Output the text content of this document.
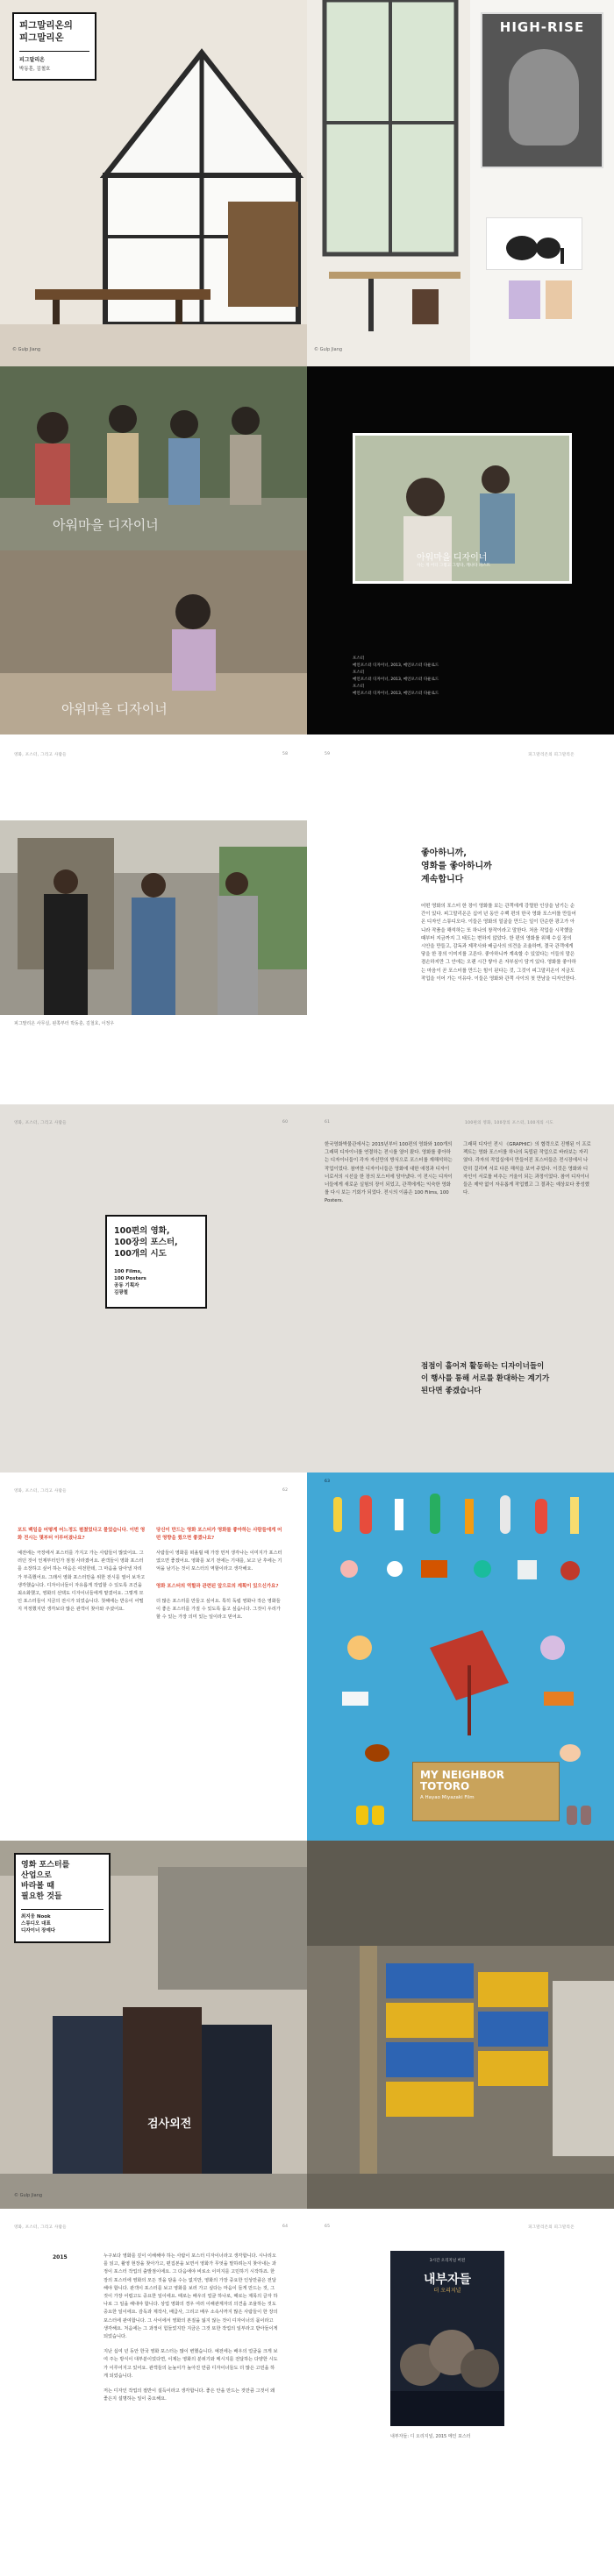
피그말리온의
피그말리온
피그말리온
박동훈, 김철호
© Gulp Jiang
HIGH-RISE
© Gulp Jiang
아워마을 디자이너
아워마을 디자이너
아워마을 디자이너
사는 게 어디 그렇고 그렇다, 캐나다 파스트
포스터
메인포스터 디자이너, 2013, 메인포스터 다운로드
포스터
메인포스터 디자이너, 2013, 메인포스터 다운로드
포스터
메인포스터 디자이너, 2013, 메인포스터 다운로드
영화, 포스터, 그리고 사람들	58
피그말리온 사무실, 왼쪽부터 박동훈, 김철호, 이정우
59	피그말리온의 피그말리온
좋아하니까,
영화를 좋아하니까
계속합니다
어떤 영화의 포스터 한 장이 영화를 보는 관객에게 강렬한 인상을 남기는 순간이 있다. 피그말리온은 십여 년 동안 수백 편의 한국 영화 포스터를 만들어 온 디자인 스튜디오다. 이들은 영화의 얼굴을 만드는 일이 단순한 광고가 아니라 작품을 해석하는 또 하나의 창작이라고 말한다. 처음 작업을 시작했을 때부터 지금까지 그 태도는 변하지 않았다. 한 편의 영화를 위해 수십 장의 시안을 만들고, 감독과 제작사와 배급사의 의견을 조율하며, 결국 관객에게 닿을 한 장의 이미지를 고른다. 좋아하니까 계속할 수 있었다는 이들의 말은 겸손하지만 그 안에는 오랜 시간 쌓아 온 자부심이 담겨 있다. 영화를 좋아하는 마음이 곧 포스터를 만드는 힘이 된다는 것, 그것이 피그말리온이 지금도 작업을 이어 가는 이유다. 이들은 영화와 관객 사이의 첫 만남을 디자인한다.
영화, 포스터, 그리고 사람들	60
100편의 영화,
100장의 포스터,
100개의 시도
100 Films,
100 Posters
공동 기획자
김광철
61	100편의 영화, 100장의 포스터, 100개의 시도
한국영화박물관에서는 2015년부터 100편의 영화와 100개의 그래픽 디자이너를 연결하는 전시를 열어 왔다. 영화를 좋아하는 디자이너들이 각자 자신만의 방식으로 포스터를 재해석하는 작업이었다. 참여한 디자이너들은 영화에 대한 애정과 디자이너로서의 시선을 한 장의 포스터에 담아냈다. 이 전시는 디자이너들에게 새로운 실험의 장이 되었고, 관객에게는 익숙한 영화를 다시 보는 기회가 되었다. 전시의 이름은 100 Films, 100 Posters.
그래픽 디자인 전시 《GRAPHIC》의 협력으로 진행된 이 프로젝트는 영화 포스터를 하나의 독립된 작업으로 바라보는 자리였다. 각자의 작업실에서 만들어진 포스터들은 전시장에서 나란히 걸리며 서로 다른 해석을 보여 주었다. 이것은 영화와 디자인이 서로를 비추는 거울이 되는 과정이었다. 참여 디자이너들은 제약 없이 자유롭게 작업했고 그 결과는 예상보다 풍성했다.
점점이 흩어져 활동하는 디자이너들이
이 행사를 통해 서로를 환대하는 계기가
된다면 좋겠습니다
영화, 포스터, 그리고 사람들	62
포트 백일을 어떻게 어느정도 펼쳤었다고 물었습니다. 이번 영화 전시는 몇부터 이루어졌나요?
예전에는 극장에서 포스터를 가지고 가는 사람들이 많았어요. 그러던 것이 언제부터인가 점점 사라졌어요. 관객들이 영화 포스터를 소장하고 싶어 하는 마음은 여전한데, 그 마음을 담아낼 자리가 부족했어요. 그래서 영화 포스터만을 위한 전시를 열어 보자고 생각했습니다. 디자이너들이 자유롭게 작업할 수 있도록 조건을 최소화했고, 영화의 선택도 디자이너들에게 맡겼어요. 그렇게 모인 포스터들이 지금의 전시가 되었습니다. 첫해에는 반응이 어떨지 걱정했지만 생각보다 많은 관객이 찾아와 주셨어요.
당신이 만드는 영화 포스터가 영화를 좋아하는 사람들에게 어떤 영향을 줬으면 좋겠나요?
사람들이 영화를 떠올릴 때 가장 먼저 생각나는 이미지가 포스터였으면 좋겠어요. 영화를 보기 전에는 기대를, 보고 난 후에는 기억을 남기는 것이 포스터의 역할이라고 생각해요.
영화 포스터의 역할과 관련된 앞으로의 계획이 있으신가요?
더 많은 포스터를 만들고 싶어요. 특히 독립 영화나 작은 영화들이 좋은 포스터를 가질 수 있도록 돕고 싶습니다. 그것이 우리가 할 수 있는 가장 의미 있는 일이라고 믿어요.
63
MY NEIGHBOR
TOTORO
A Hayao Miyazaki Film
검사외전
영화 포스터를
산업으로
바라볼 때
필요한 것들
최지웅 Nook
스튜디오 대표
디자이너 장예다
© Gulp Jiang
영화, 포스터, 그리고 사람들	64
2015	누구보다 영화를 깊이 이해해야 하는 사람이 포스터 디자이너라고 생각합니다. 시나리오를 읽고, 촬영 현장을 찾아가고, 편집본을 보면서 영화가 무엇을 말하려는지 찾아내는 과정이 포스터 작업의 출발점이에요. 그 다음에야 비로소 이미지를 고민하기 시작하죠. 한 장의 포스터에 영화의 모든 것을 담을 수는 없지만, 영화의 가장 중요한 인상만큼은 전달해야 합니다. 관객이 포스터를 보고 영화를 보러 가고 싶다는 마음이 들게 만드는 것, 그것이 가장 어렵고도 중요한 일이에요. 때로는 배우의 얼굴 하나로, 때로는 제목의 글자 하나로 그 일을 해내야 합니다. 상업 영화의 경우 여러 이해관계자의 의견을 조율하는 것도 중요한 일이에요. 감독과 제작사, 배급사, 그리고 배우 소속사까지 많은 사람들이 한 장의 포스터에 관여합니다. 그 사이에서 영화의 본질을 잃지 않는 것이 디자이너의 몫이라고 생각해요. 처음에는 그 과정이 힘들었지만 지금은 그것 또한 작업의 일부라고 받아들이게 되었습니다.
지난 십여 년 동안 한국 영화 포스터는 많이 변했습니다. 예전에는 배우의 얼굴을 크게 보여 주는 방식이 대부분이었다면, 이제는 영화의 분위기와 메시지를 전달하는 다양한 시도가 이루어지고 있어요. 관객들의 눈높이가 높아진 만큼 디자이너들도 더 많은 고민을 하게 되었습니다.
저는 디자인 작업의 절반이 설득이라고 생각합니다. 좋은 안을 만드는 것만큼 그것이 왜 좋은지 설명하는 일이 중요해요.
65	피그말리온의 피그말리온
3시간 오리지널 버전
내부자들
더 오리지널
내부자들: 디 오리지널, 2015 메인 포스터
